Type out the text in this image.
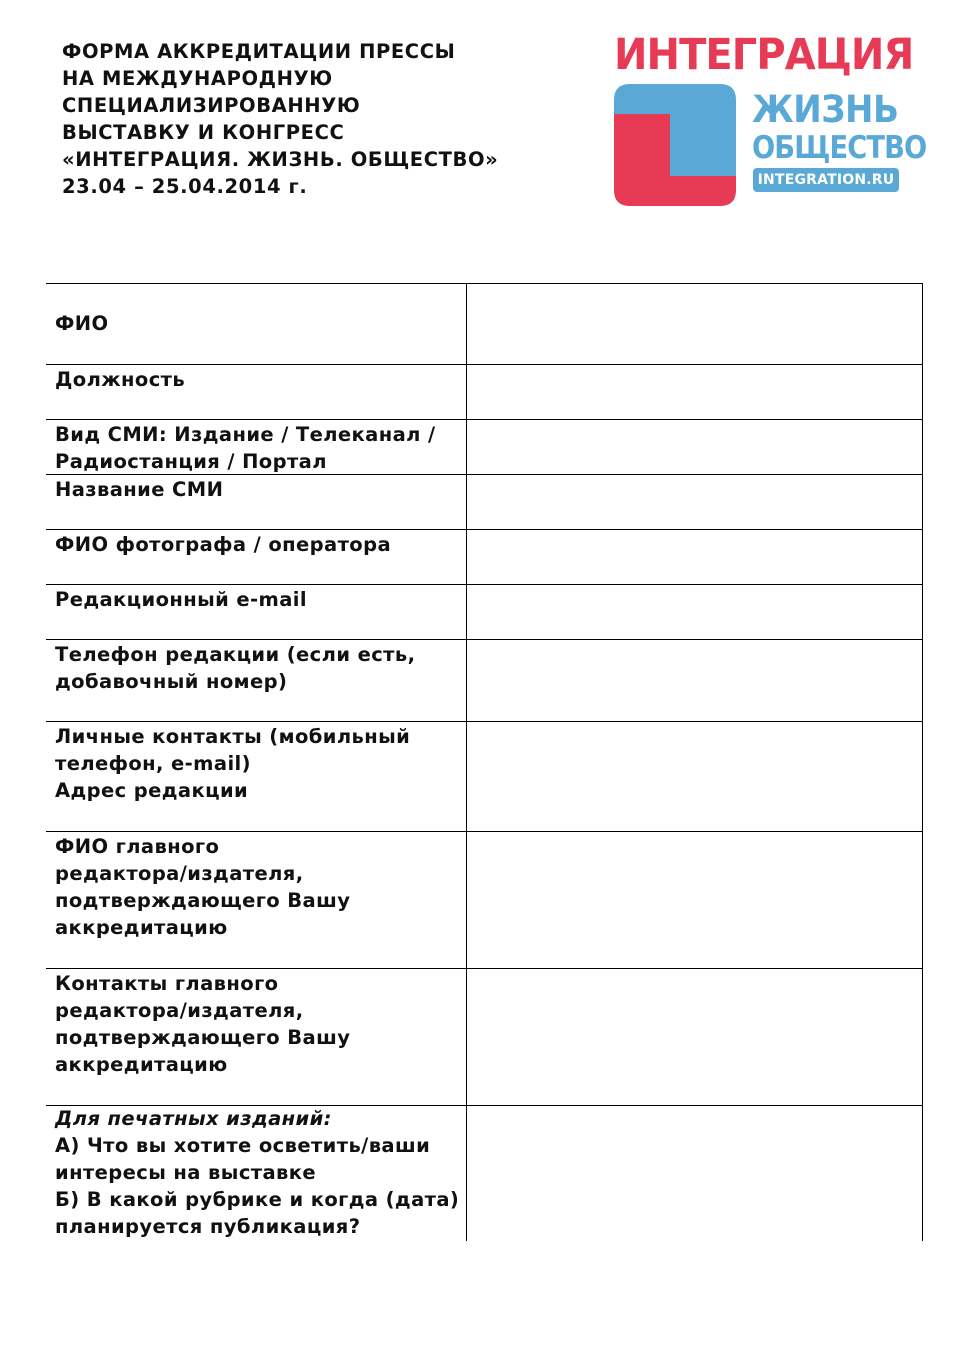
ФОРМА АККРЕДИТАЦИИ ПРЕССЫ
НА МЕЖДУНАРОДНУЮ
СПЕЦИАЛИЗИРОВАННУЮ
ВЫСТАВКУ И КОНГРЕСС
«ИНТЕГРАЦИЯ. ЖИЗНЬ. ОБЩЕСТВО»
23.04 – 25.04.2014 г.
ИНТЕГРАЦИЯ
ЖИЗНЬ
ОБЩЕСТВО
INTEGRATION.RU
ФИО
Должность
Вид СМИ: Издание / Телеканал /
Радиостанция / Портал
Название СМИ
ФИО фотографа / оператора
Редакционный e-mail
Телефон редакции (если есть,
добавочный номер)
Личные контакты (мобильный
телефон, e-mail)
Адрес редакции
ФИО главного
редактора/издателя,
подтверждающего Вашу
аккредитацию
Контакты главного
редактора/издателя,
подтверждающего Вашу
аккредитацию
Для печатных изданий:
А) Что вы хотите осветить/ваши
интересы на выставке
Б) В какой рубрике и когда (дата)
планируется публикация?
